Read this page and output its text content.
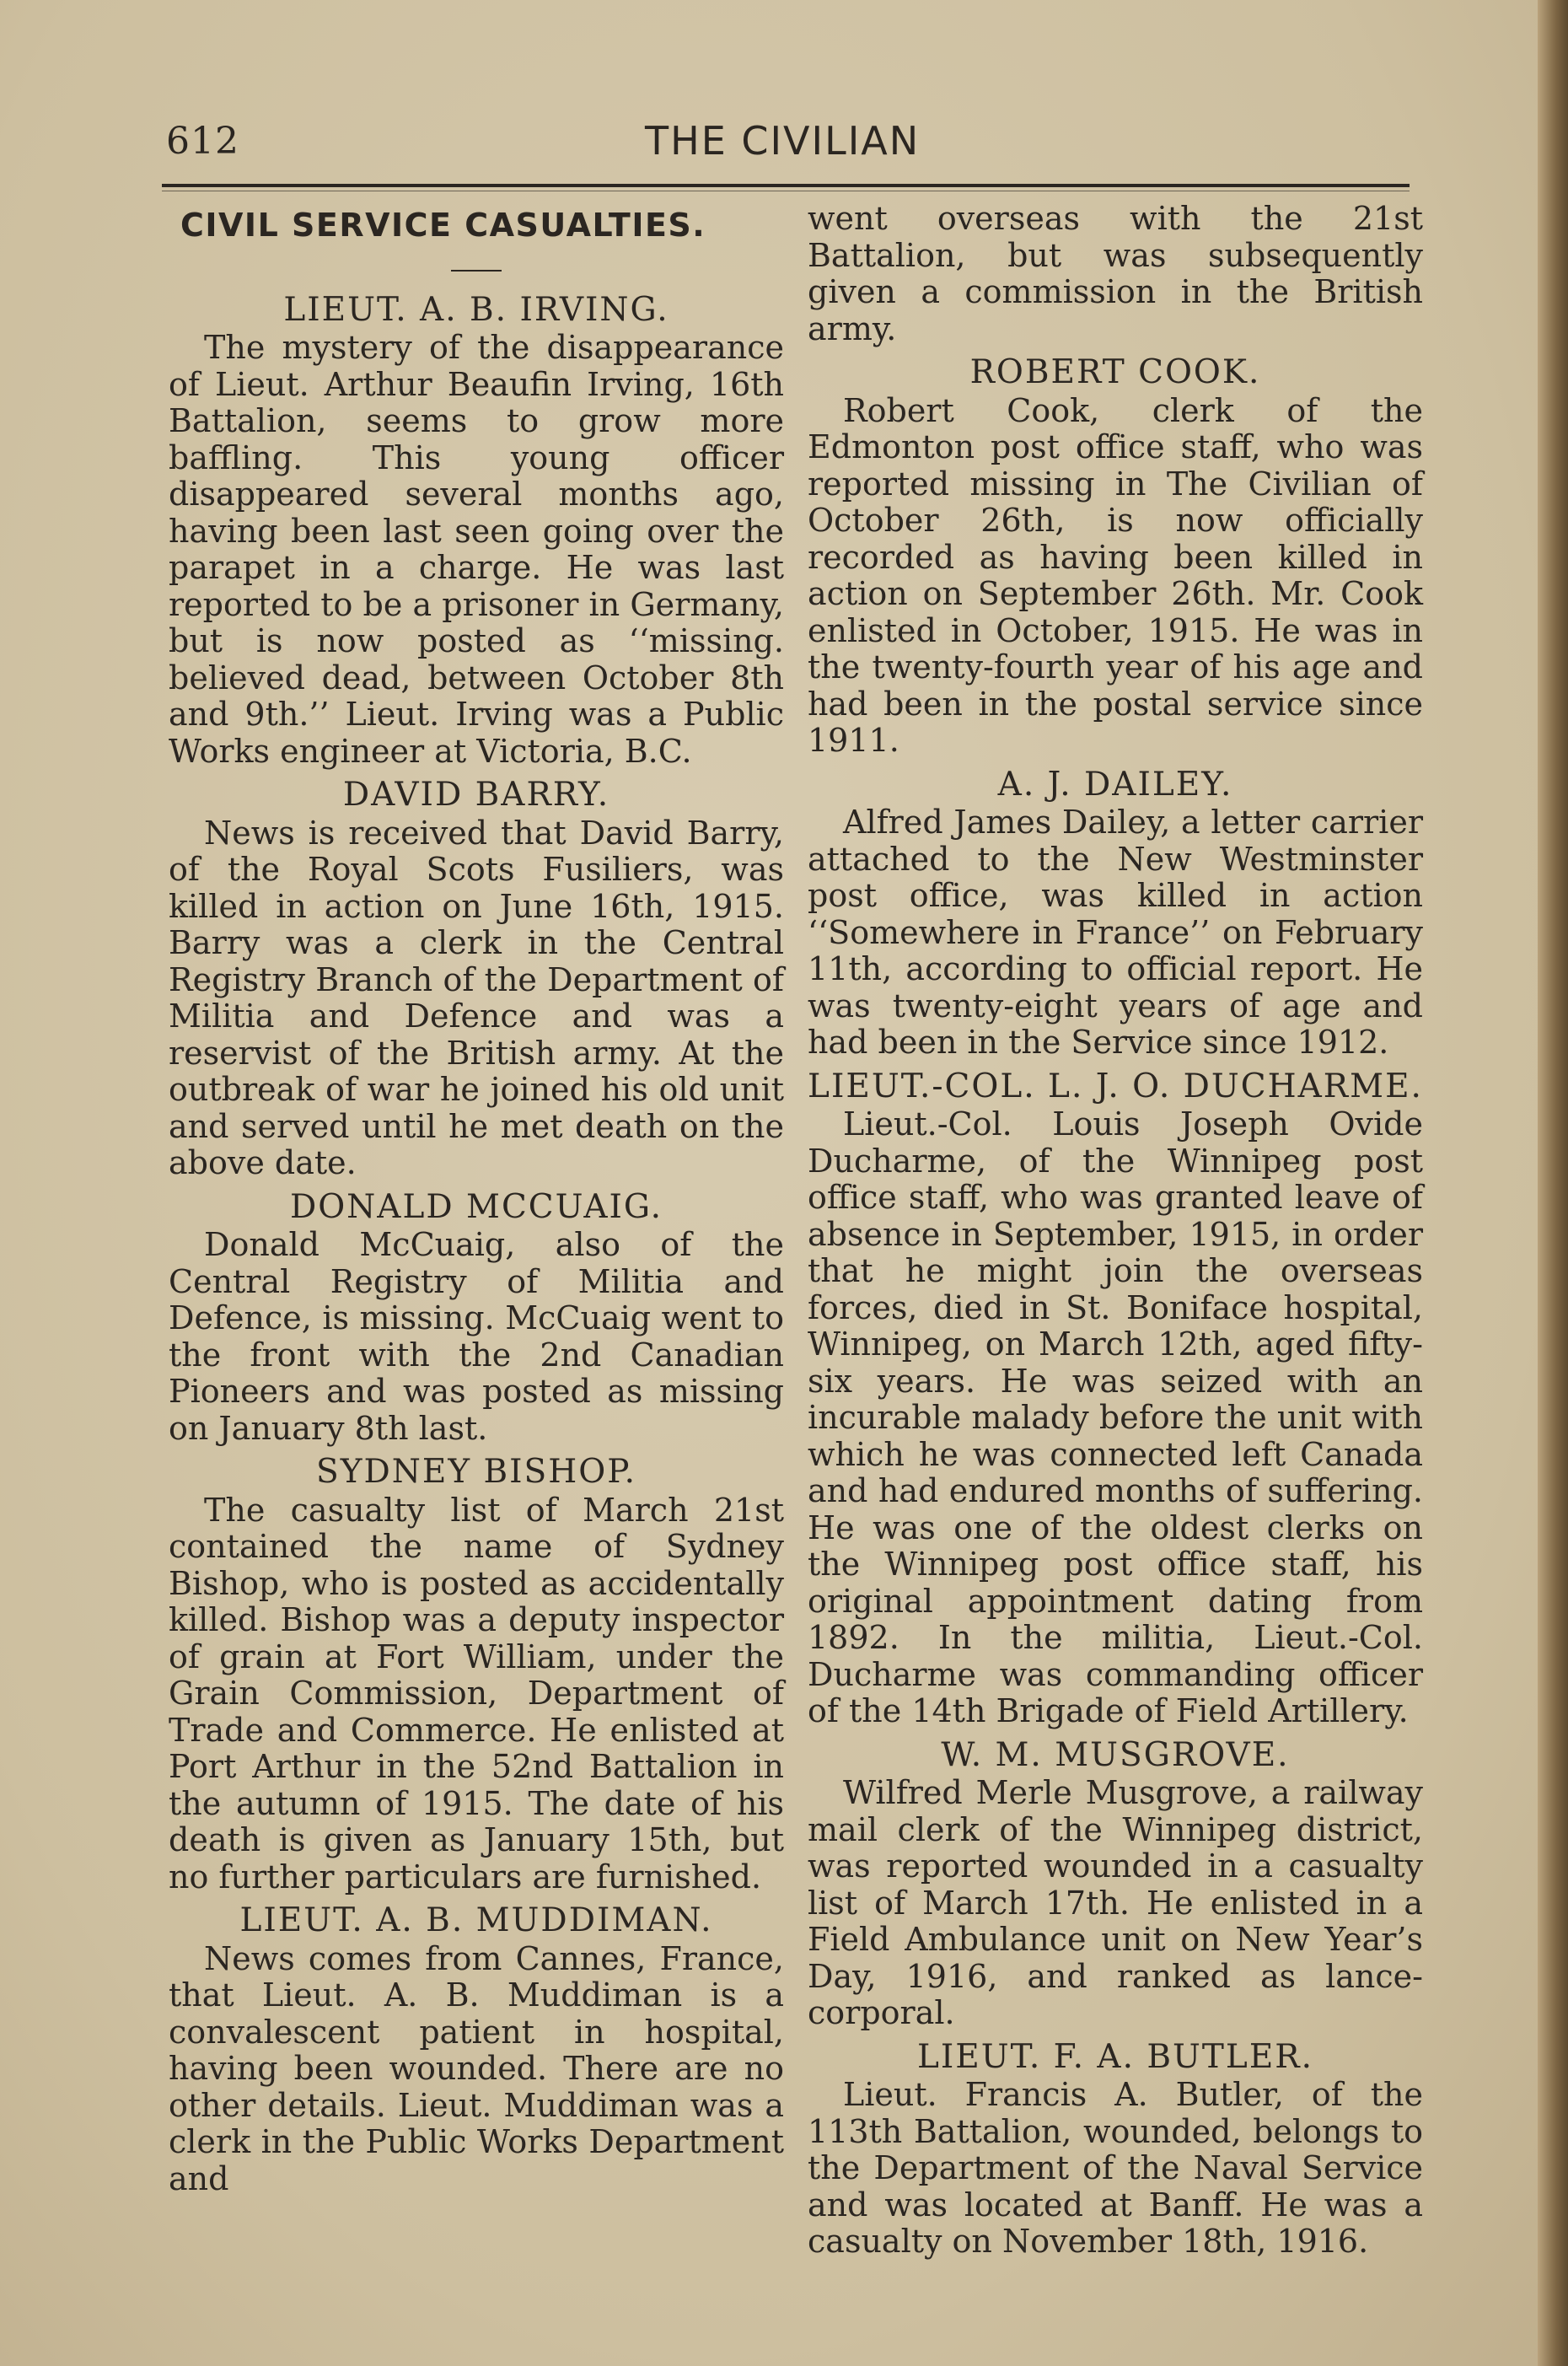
612	THE CIVILIAN
CIVIL SERVICE CASUALTIES.
LIEUT. A. B. IRVING.

The mystery of the disappearance of Lieut. Arthur Beaufin Irving, 16th Battalion, seems to grow more baffling. This young officer disappeared several months ago, having been last seen going over the parapet in a charge. He was last reported to be a prisoner in Germany, but is now posted as ‘‘missing. believed dead, between October 8th and 9th.’’ Lieut. Irving was a Public Works engineer at Victoria, B.C.

DAVID BARRY.

News is received that David Barry, of the Royal Scots Fusiliers, was killed in action on June 16th, 1915. Barry was a clerk in the Central Registry Branch of the Department of Militia and Defence and was a reservist of the British army. At the outbreak of war he joined his old unit and served until he met death on the above date.

DONALD MCCUAIG.

Donald McCuaig, also of the Central Registry of Militia and Defence, is missing. McCuaig went to the front with the 2nd Canadian Pioneers and was posted as missing on January 8th last.

SYDNEY BISHOP.

The casualty list of March 21st contained the name of Sydney Bishop, who is posted as accidentally killed. Bishop was a deputy inspector of grain at Fort William, under the Grain Commission, Department of Trade and Commerce. He enlisted at Port Arthur in the 52nd Battalion in the autumn of 1915. The date of his death is given as January 15th, but no further particulars are furnished.

LIEUT. A. B. MUDDIMAN.

News comes from Cannes, France, that Lieut. A. B. Muddiman is a convalescent patient in hospital, having been wounded. There are no other details. Lieut. Muddiman was a clerk in the Public Works Department and

went overseas with the 21st Battalion, but was subsequently given a commission in the British army.

ROBERT COOK.

Robert Cook, clerk of the Edmonton post office staff, who was reported missing in The Civilian of October 26th, is now officially recorded as having been killed in action on September 26th. Mr. Cook enlisted in October, 1915. He was in the twenty-fourth year of his age and had been in the postal service since 1911.

A. J. DAILEY.

Alfred James Dailey, a letter carrier attached to the New Westminster post office, was killed in action ‘‘Somewhere in France’’ on February 11th, according to official report. He was twenty-eight years of age and had been in the Service since 1912.

LIEUT.-COL. L. J. O. DUCHARME.

Lieut.-Col. Louis Joseph Ovide Ducharme, of the Winnipeg post office staff, who was granted leave of absence in September, 1915, in order that he might join the overseas forces, died in St. Boniface hospital, Winnipeg, on March 12th, aged fifty-six years. He was seized with an incurable malady before the unit with which he was connected left Canada and had endured months of suffering. He was one of the oldest clerks on the Winnipeg post office staff, his original appointment dating from 1892. In the militia, Lieut.-Col. Ducharme was commanding officer of the 14th Brigade of Field Artillery.

W. M. MUSGROVE.

Wilfred Merle Musgrove, a railway mail clerk of the Winnipeg district, was reported wounded in a casualty list of March 17th. He enlisted in a Field Ambulance unit on New Year’s Day, 1916, and ranked as lance-corporal.

LIEUT. F. A. BUTLER.

Lieut. Francis A. Butler, of the 113th Battalion, wounded, belongs to the Department of the Naval Service and was located at Banff. He was a casualty on November 18th, 1916.
